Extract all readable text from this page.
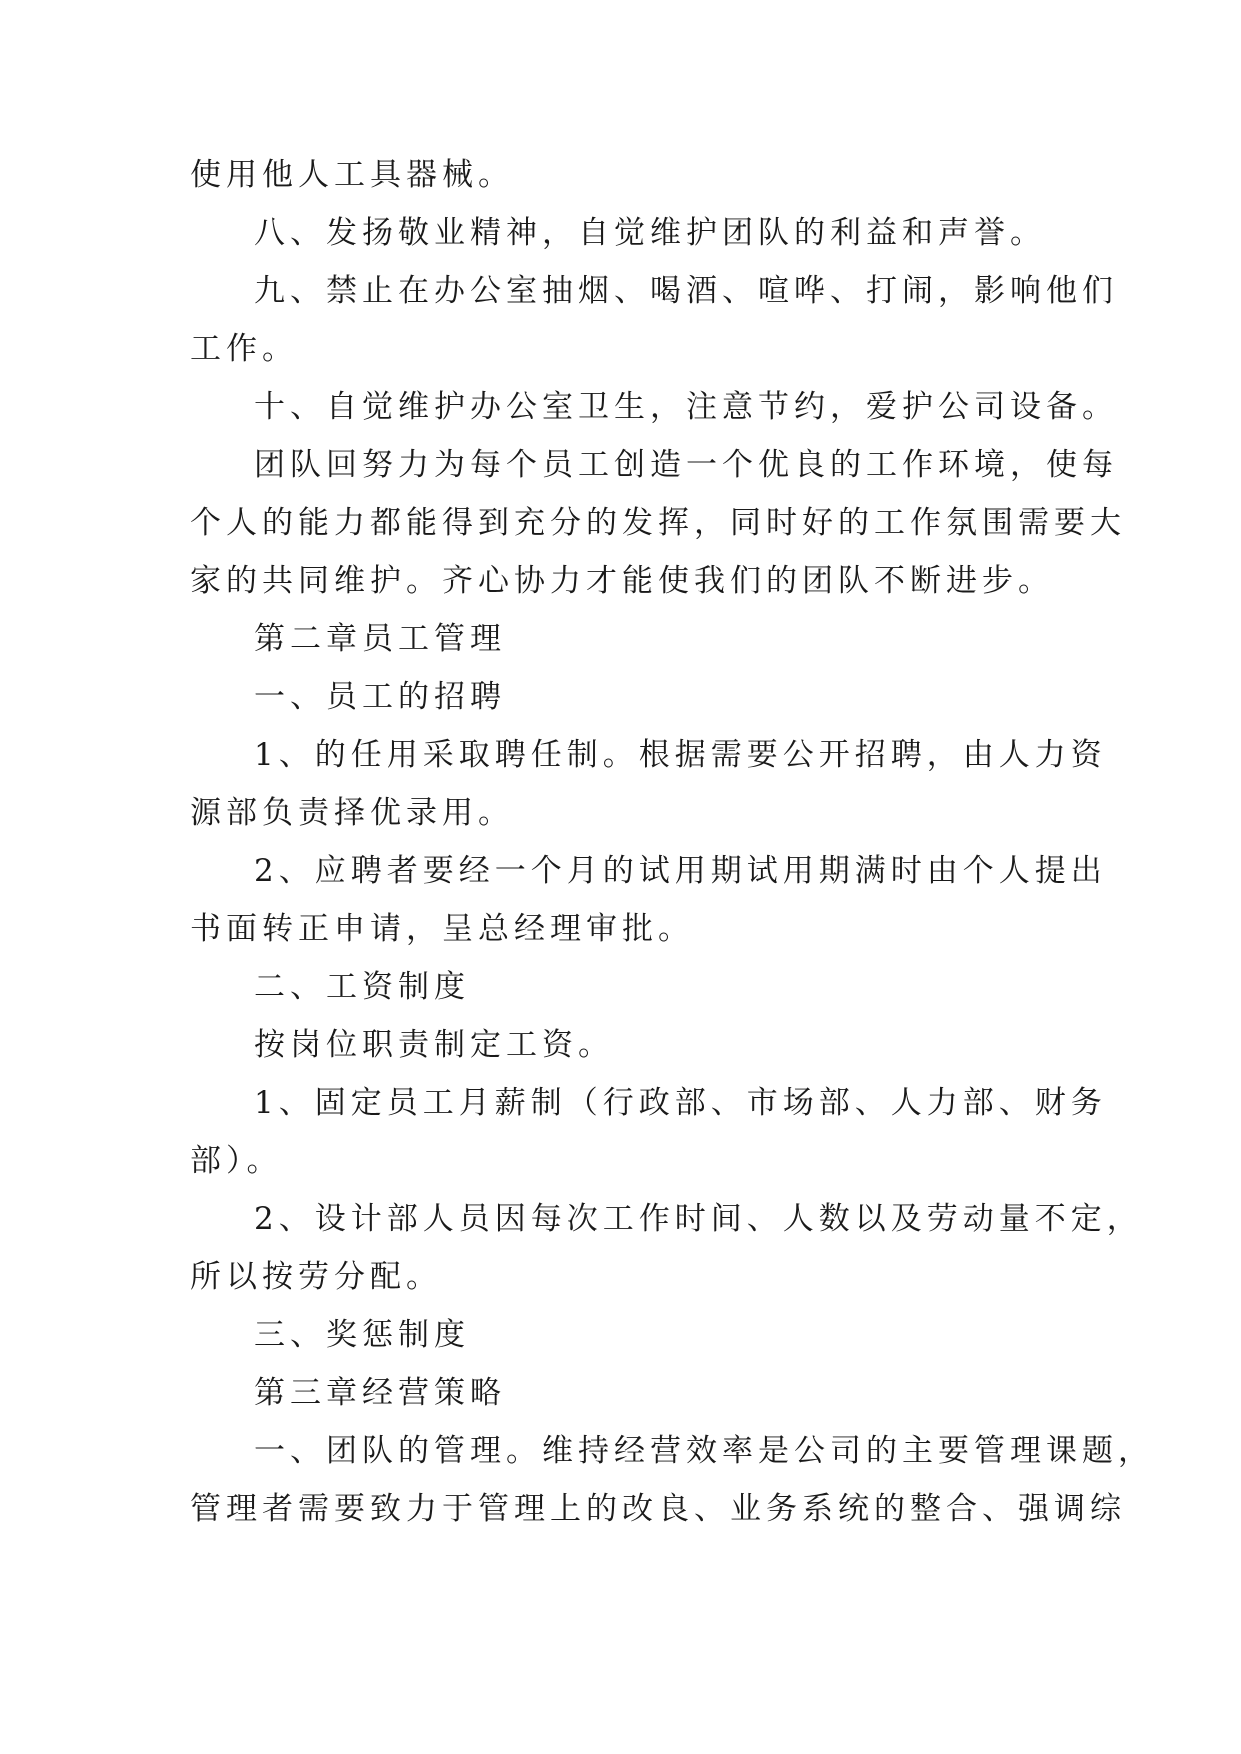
使用他人工具器械。
八、发扬敬业精神，自觉维护团队的利益和声誉。
九、禁止在办公室抽烟、喝酒、喧哗、打闹，影响他们
工作。
十、自觉维护办公室卫生，注意节约，爱护公司设备。
团队回努力为每个员工创造一个优良的工作环境，使每
个人的能力都能得到充分的发挥，同时好的工作氛围需要大
家的共同维护。齐心协力才能使我们的团队不断进步。
第二章员工管理
一、员工的招聘
1、的任用采取聘任制。根据需要公开招聘，由人力资
源部负责择优录用。
2、应聘者要经一个月的试用期试用期满时由个人提出
书面转正申请，呈总经理审批。
二、工资制度
按岗位职责制定工资。
1、固定员工月薪制（行政部、市场部、人力部、财务
部）。
2、设计部人员因每次工作时间、人数以及劳动量不定，
所以按劳分配。
三、奖惩制度
第三章经营策略
一、团队的管理。维持经营效率是公司的主要管理课题，
管理者需要致力于管理上的改良、业务系统的整合、强调综
